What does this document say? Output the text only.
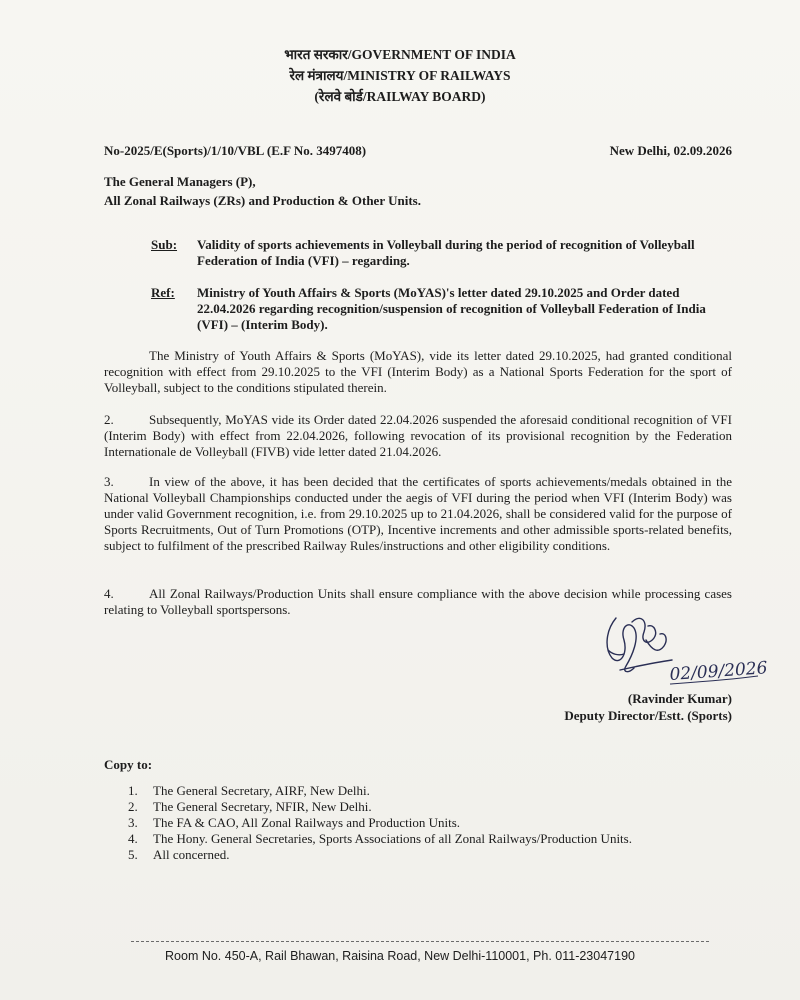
भारत सरकार/GOVERNMENT OF INDIA
रेल मंत्रालय/MINISTRY OF RAILWAYS
(रेलवे बोर्ड/RAILWAY BOARD)
No-2025/E(Sports)/1/10/VBL (E.F No. 3497408)	New Delhi, 02.09.2026
The General Managers (P),
All Zonal Railways (ZRs) and Production & Other Units.
Sub: Validity of sports achievements in Volleyball during the period of recognition of Volleyball Federation of India (VFI) – regarding.
Ref: Ministry of Youth Affairs & Sports (MoYAS)'s letter dated 29.10.2025 and Order dated 22.04.2026 regarding recognition/suspension of recognition of Volleyball Federation of India (VFI) – (Interim Body).
The Ministry of Youth Affairs & Sports (MoYAS), vide its letter dated 29.10.2025, had granted conditional recognition with effect from 29.10.2025 to the VFI (Interim Body) as a National Sports Federation for the sport of Volleyball, subject to the conditions stipulated therein.
2.	Subsequently, MoYAS vide its Order dated 22.04.2026 suspended the aforesaid conditional recognition of VFI (Interim Body) with effect from 22.04.2026, following revocation of its provisional recognition by the Federation Internationale de Volleyball (FIVB) vide letter dated 21.04.2026.
3.	In view of the above, it has been decided that the certificates of sports achievements/medals obtained in the National Volleyball Championships conducted under the aegis of VFI during the period when VFI (Interim Body) was under valid Government recognition, i.e. from 29.10.2025 up to 21.04.2026, shall be considered valid for the purpose of Sports Recruitments, Out of Turn Promotions (OTP), Incentive increments and other admissible sports-related benefits, subject to fulfilment of the prescribed Railway Rules/instructions and other eligibility conditions.
4.	All Zonal Railways/Production Units shall ensure compliance with the above decision while processing cases relating to Volleyball sportspersons.
02/09/2026
(Ravinder Kumar)
Deputy Director/Estt. (Sports)
Copy to:
1. The General Secretary, AIRF, New Delhi.
2. The General Secretary, NFIR, New Delhi.
3. The FA & CAO, All Zonal Railways and Production Units.
4. The Hony. General Secretaries, Sports Associations of all Zonal Railways/Production Units.
5. All concerned.
Room No. 450-A, Rail Bhawan, Raisina Road, New Delhi-110001, Ph. 011-23047190
